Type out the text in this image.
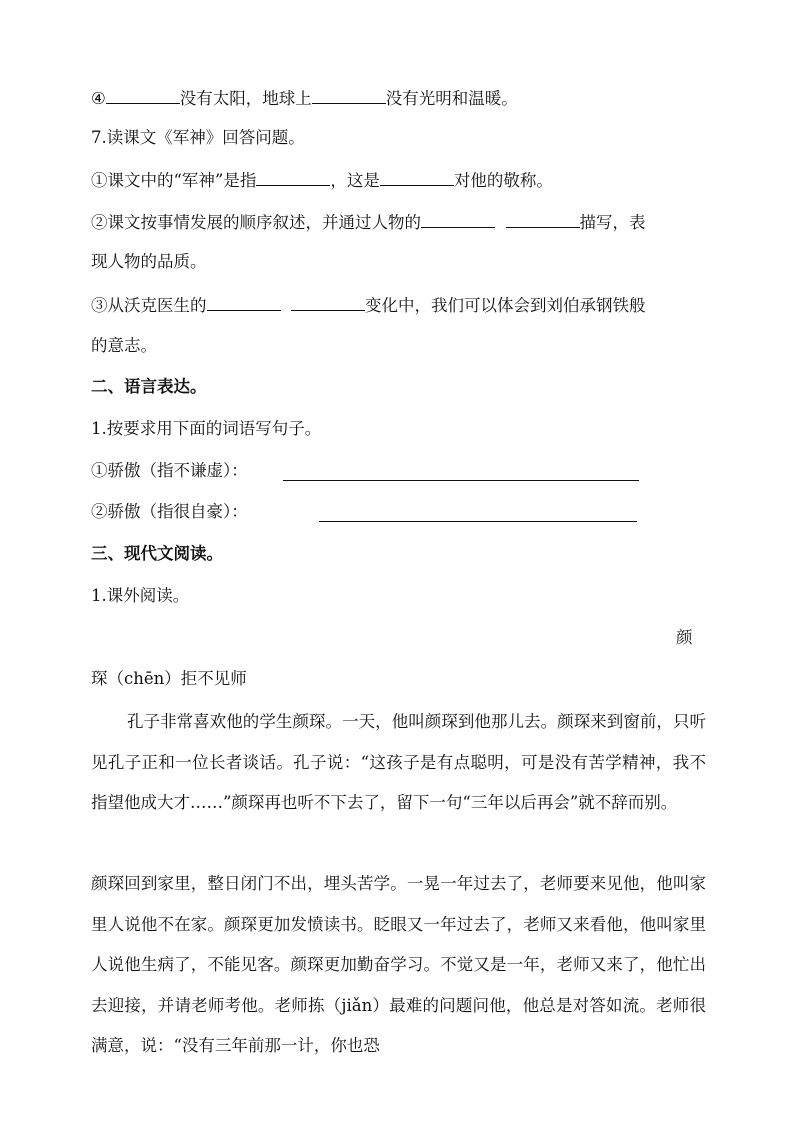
④	没有太阳，地球上	没有光明和温暖。
7.读课文《军神》回答问题。
①课文中的“军神”是指	，这是	对他的敬称。
②课文按事情发展的顺序叙述，并通过人物的	描写，表
现人物的品质。
③从沃克医生的	变化中，我们可以体会到刘伯承钢铁般
的意志。
二、语言表达。
1.按要求用下面的词语写句子。
①骄傲（指不谦虚）：
②骄傲（指很自豪）：
三、现代文阅读。
1.课外阅读。
颜
琛（chēn）拒不见师
孔子非常喜欢他的学生颜琛。一天，他叫颜琛到他那儿去。颜琛来到窗前，只听见孔子正和一位长者谈话。孔子说：“这孩子是有点聪明，可是没有苦学精神，我不指望他成大才……”颜琛再也听不下去了，留下一句“三年以后再会”就不辞而别。
颜琛回到家里，整日闭门不出，埋头苦学。一晃一年过去了，老师要来见他，他叫家里人说他不在家。颜琛更加发愤读书。眨眼又一年过去了，老师又来看他，他叫家里人说他生病了，不能见客。颜琛更加勤奋学习。不觉又是一年，老师又来了，他忙出去迎接，并请老师考他。老师拣（jiǎn）最难的问题问他，他总是对答如流。老师很满意，说：“没有三年前那一计，你也恐
